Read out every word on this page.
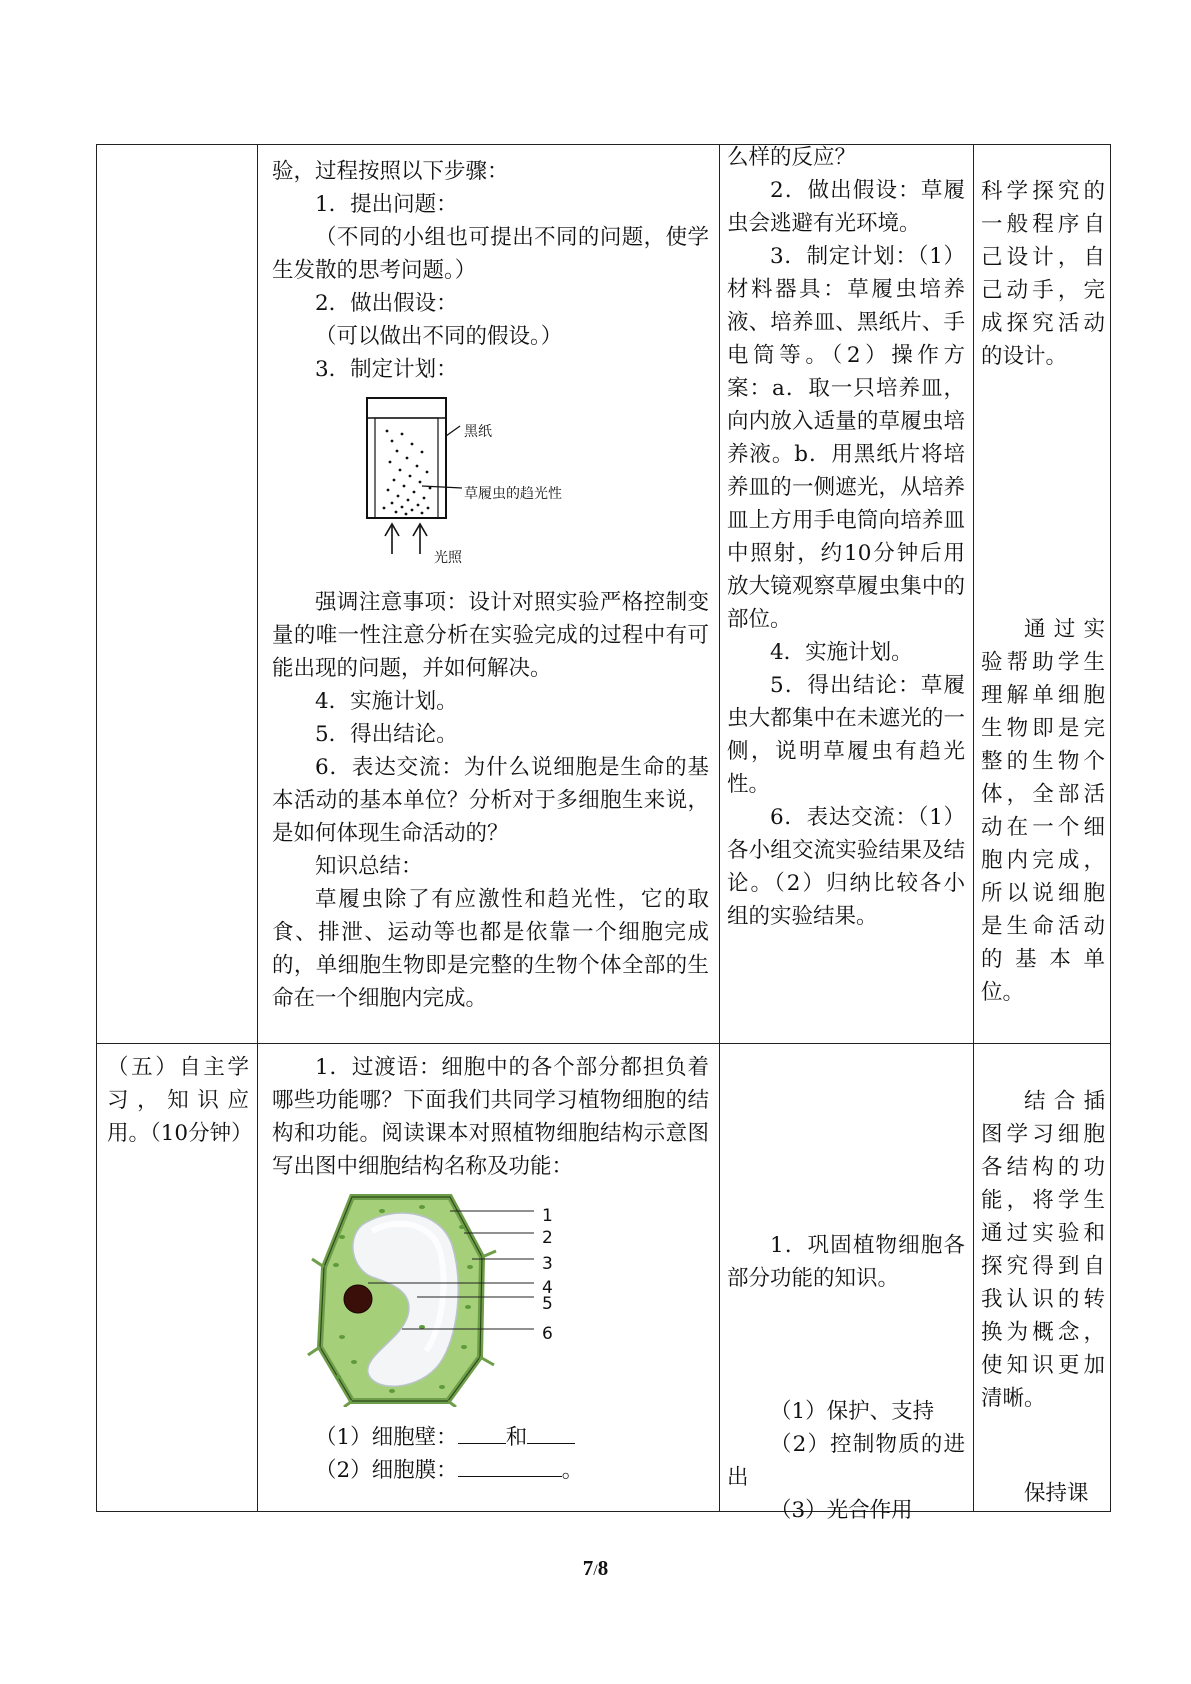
验，过程按照以下步骤：

1．提出问题：

（不同的小组也可提出不同的问题，使学生发散的思考问题。）

2．做出假设：

（可以做出不同的假设。）

3．制定计划：

黑纸
草履虫的趋光性
光照

强调注意事项：设计对照实验严格控制变量的唯一性注意分析在实验完成的过程中有可能出现的问题，并如何解决。

4．实施计划。

5．得出结论。

6．表达交流：为什么说细胞是生命的基本活动的基本单位？分析对于多细胞生来说，是如何体现生命活动的？

知识总结：

草履虫除了有应激性和趋光性，它的取食、排泄、运动等也都是依靠一个细胞完成的，单细胞生物即是完整的生物个体全部的生命在一个细胞内完成。

么样的反应？

2．做出假设：草履虫会逃避有光环境。

3．制定计划：（1）材料器具：草履虫培养液、培养皿、黑纸片、手电筒等。（2）操作方案：a．取一只培养皿，向内放入适量的草履虫培养液。b．用黑纸片将培养皿的一侧遮光，从培养皿上方用手电筒向培养皿中照射，约10分钟后用放大镜观察草履虫集中的部位。

4．实施计划。

5．得出结论：草履虫大都集中在未遮光的一侧，说明草履虫有趋光性。

6．表达交流：（1）各小组交流实验结果及结论。（2）归纳比较各小组的实验结果。

科学探究的一般程序自己设计，自己动手，完成探究活动的设计。

通过实验帮助学生理解单细胞生物即是完整的生物个体，全部活动在一个细胞内完成，所以说细胞是生命活动的基本单位。

（五）自主学习，知识应用。（10分钟）

1．过渡语：细胞中的各个部分都担负着哪些功能哪？下面我们共同学习植物细胞的结构和功能。阅读课本对照植物细胞结构示意图写出图中细胞结构名称及功能：

1
2
3
4
5
6

（1）细胞壁： 和

（2）细胞膜：	。

1．巩固植物细胞各部分功能的知识。

（1）保护、支持

（2）控制物质的进出

（3）光合作用

结合插图学习细胞各结构的功能，将学生通过实验和探究得到自我认识的转换为概念，使知识更加清晰。

保持课

7/8
